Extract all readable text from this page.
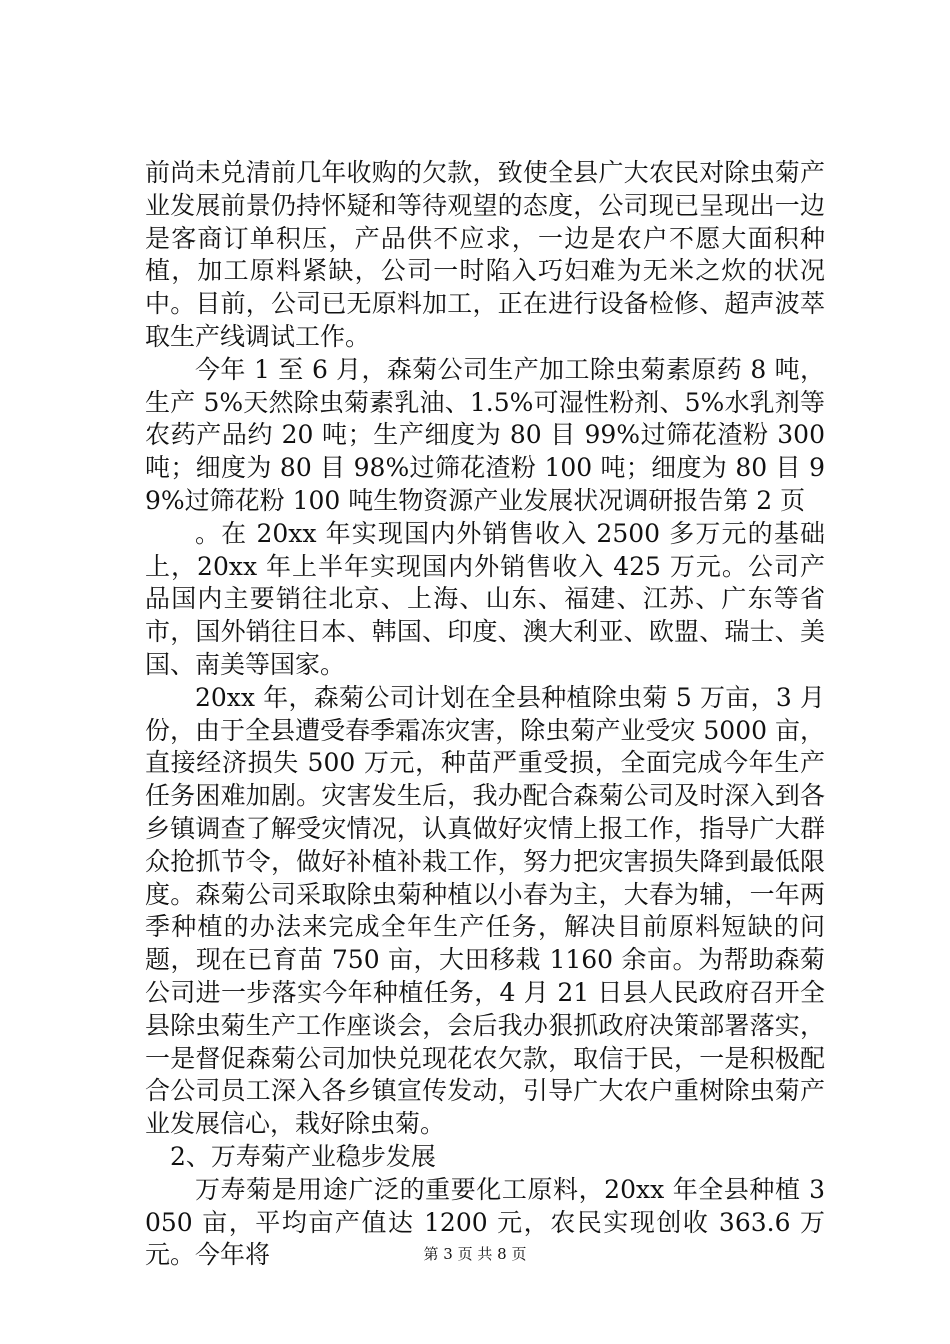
前尚未兑清前几年收购的欠款，致使全县广大农民对除虫菊产业发展前景仍持怀疑和等待观望的态度，公司现已呈现出一边是客商订单积压，产品供不应求，一边是农户不愿大面积种植，加工原料紧缺，公司一时陷入巧妇难为无米之炊的状况中。目前，公司已无原料加工，正在进行设备检修、超声波萃取生产线调试工作。

今年 1 至 6 月，森菊公司生产加工除虫菊素原药 8 吨，生产 5%天然除虫菊素乳油、1.5%可湿性粉剂、5%水乳剂等农药产品约 20 吨；生产细度为 80 目 99%过筛花渣粉 300 吨；细度为 80 目 98%过筛花渣粉 100 吨；细度为 80 目 99%过筛花粉 100 吨生物资源产业发展状况调研报告第 2 页

。在 20xx 年实现国内外销售收入 2500 多万元的基础上，20xx 年上半年实现国内外销售收入 425 万元。公司产品国内主要销往北京、上海、山东、福建、江苏、广东等省市，国外销往日本、韩国、印度、澳大利亚、欧盟、瑞士、美国、南美等国家。

20xx 年，森菊公司计划在全县种植除虫菊 5 万亩，3 月份，由于全县遭受春季霜冻灾害，除虫菊产业受灾 5000 亩，直接经济损失 500 万元，种苗严重受损，全面完成今年生产任务困难加剧。灾害发生后，我办配合森菊公司及时深入到各乡镇调查了解受灾情况，认真做好灾情上报工作，指导广大群众抢抓节令，做好补植补栽工作，努力把灾害损失降到最低限度。森菊公司采取除虫菊种植以小春为主，大春为辅，一年两季种植的办法来完成全年生产任务，解决目前原料短缺的问题，现在已育苗 750 亩，大田移栽 1160 余亩。为帮助森菊公司进一步落实今年种植任务，4 月 21 日县人民政府召开全县除虫菊生产工作座谈会，会后我办狠抓政府决策部署落实，一是督促森菊公司加快兑现花农欠款，取信于民，一是积极配合公司员工深入各乡镇宣传发动，引导广大农户重树除虫菊产业发展信心，栽好除虫菊。

2、万寿菊产业稳步发展

万寿菊是用途广泛的重要化工原料，20xx 年全县种植 3050 亩，平均亩产值达 1200 元，农民实现创收 363.6 万元。今年将	第 3 页 共 8 页
